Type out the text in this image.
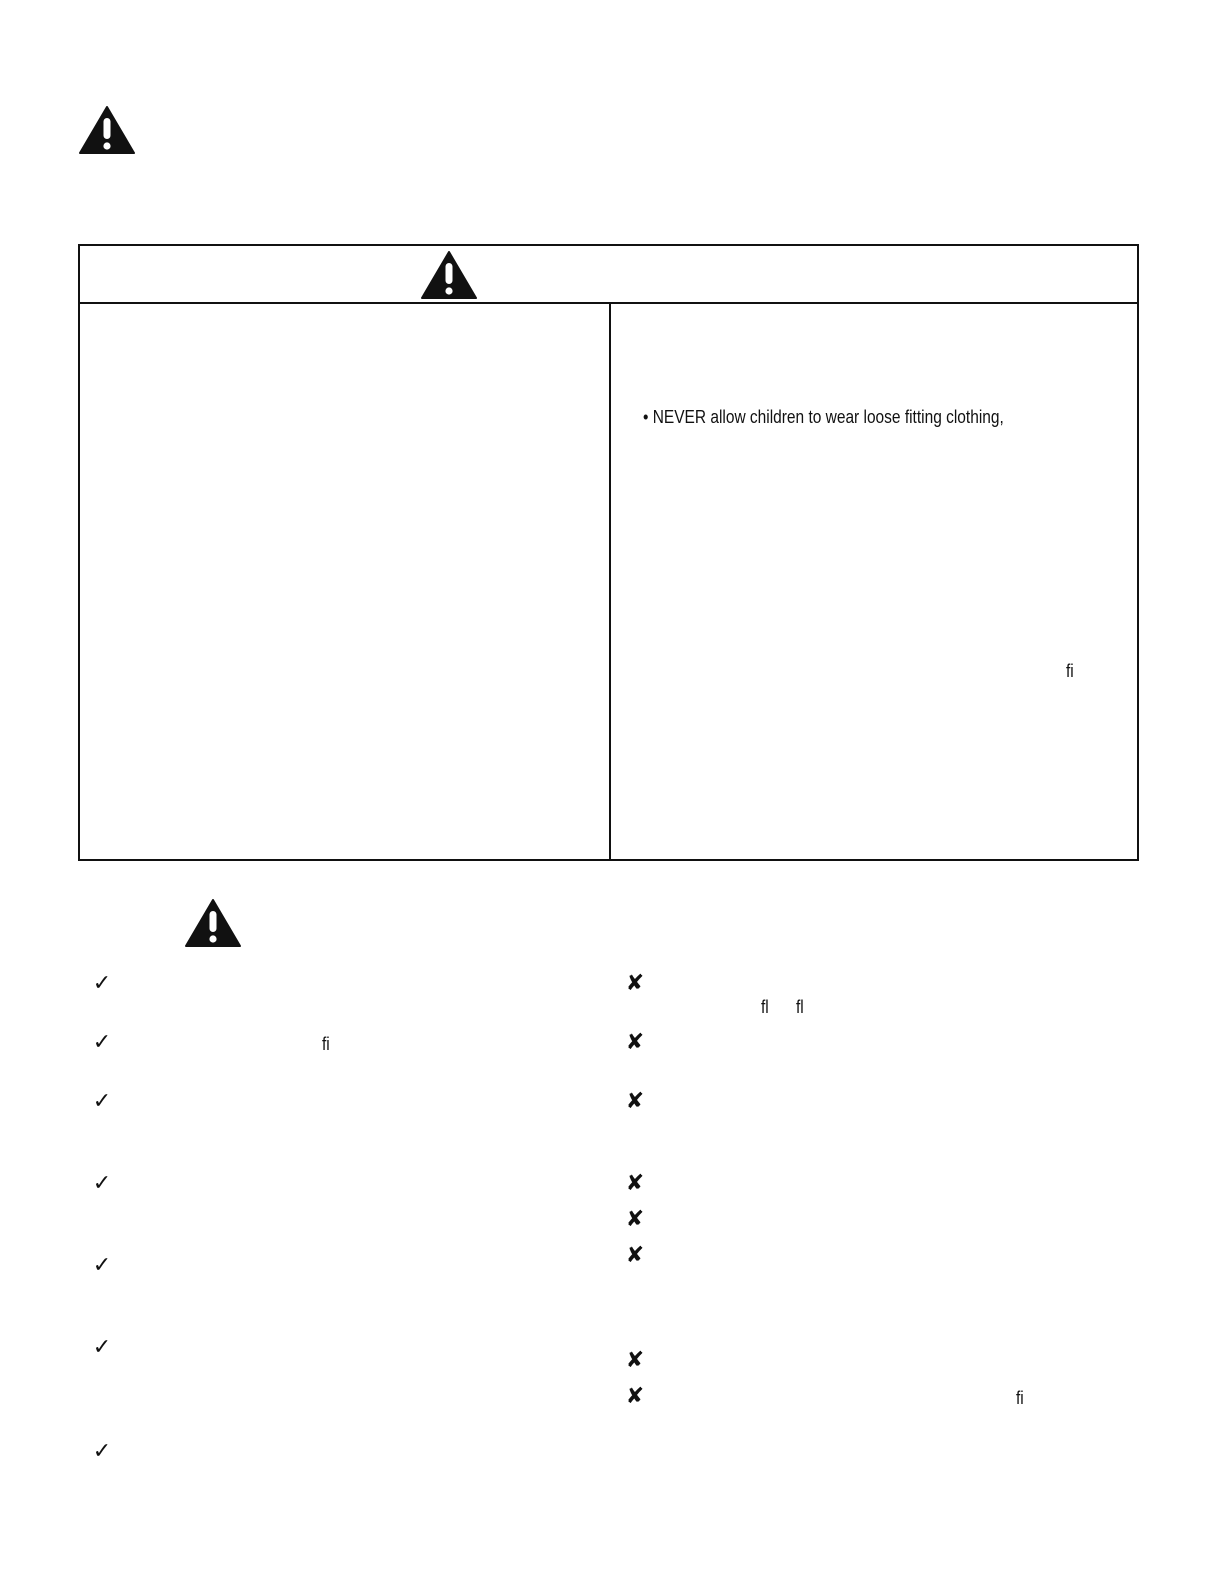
• NEVER allow children to wear loose fitting clothing,
fi
✓
✓	fi
✓
✓
✓
✓
✓
✘
fl fl
✘
✘
✘
✘
✘
✘
✘	fi
